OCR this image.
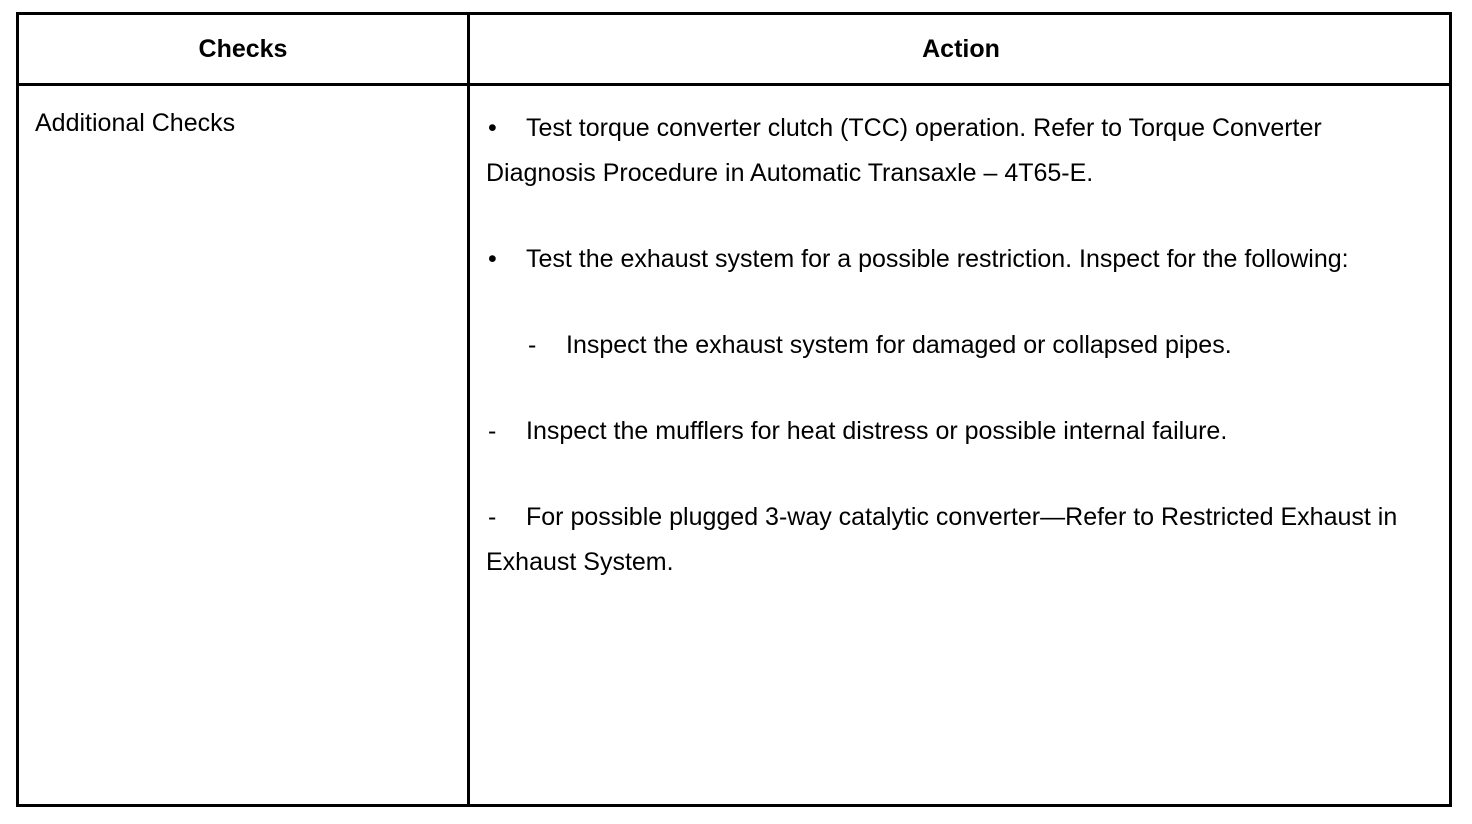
Checks	Action
Additional Checks	• Test torque converter clutch (TCC) operation. Refer to Torque Converter Diagnosis Procedure in Automatic Transaxle – 4T65-E.
• Test the exhaust system for a possible restriction. Inspect for the following:
- Inspect the exhaust system for damaged or collapsed pipes.
- Inspect the mufflers for heat distress or possible internal failure.
- For possible plugged 3-way catalytic converter—Refer to Restricted Exhaust in Exhaust System.
